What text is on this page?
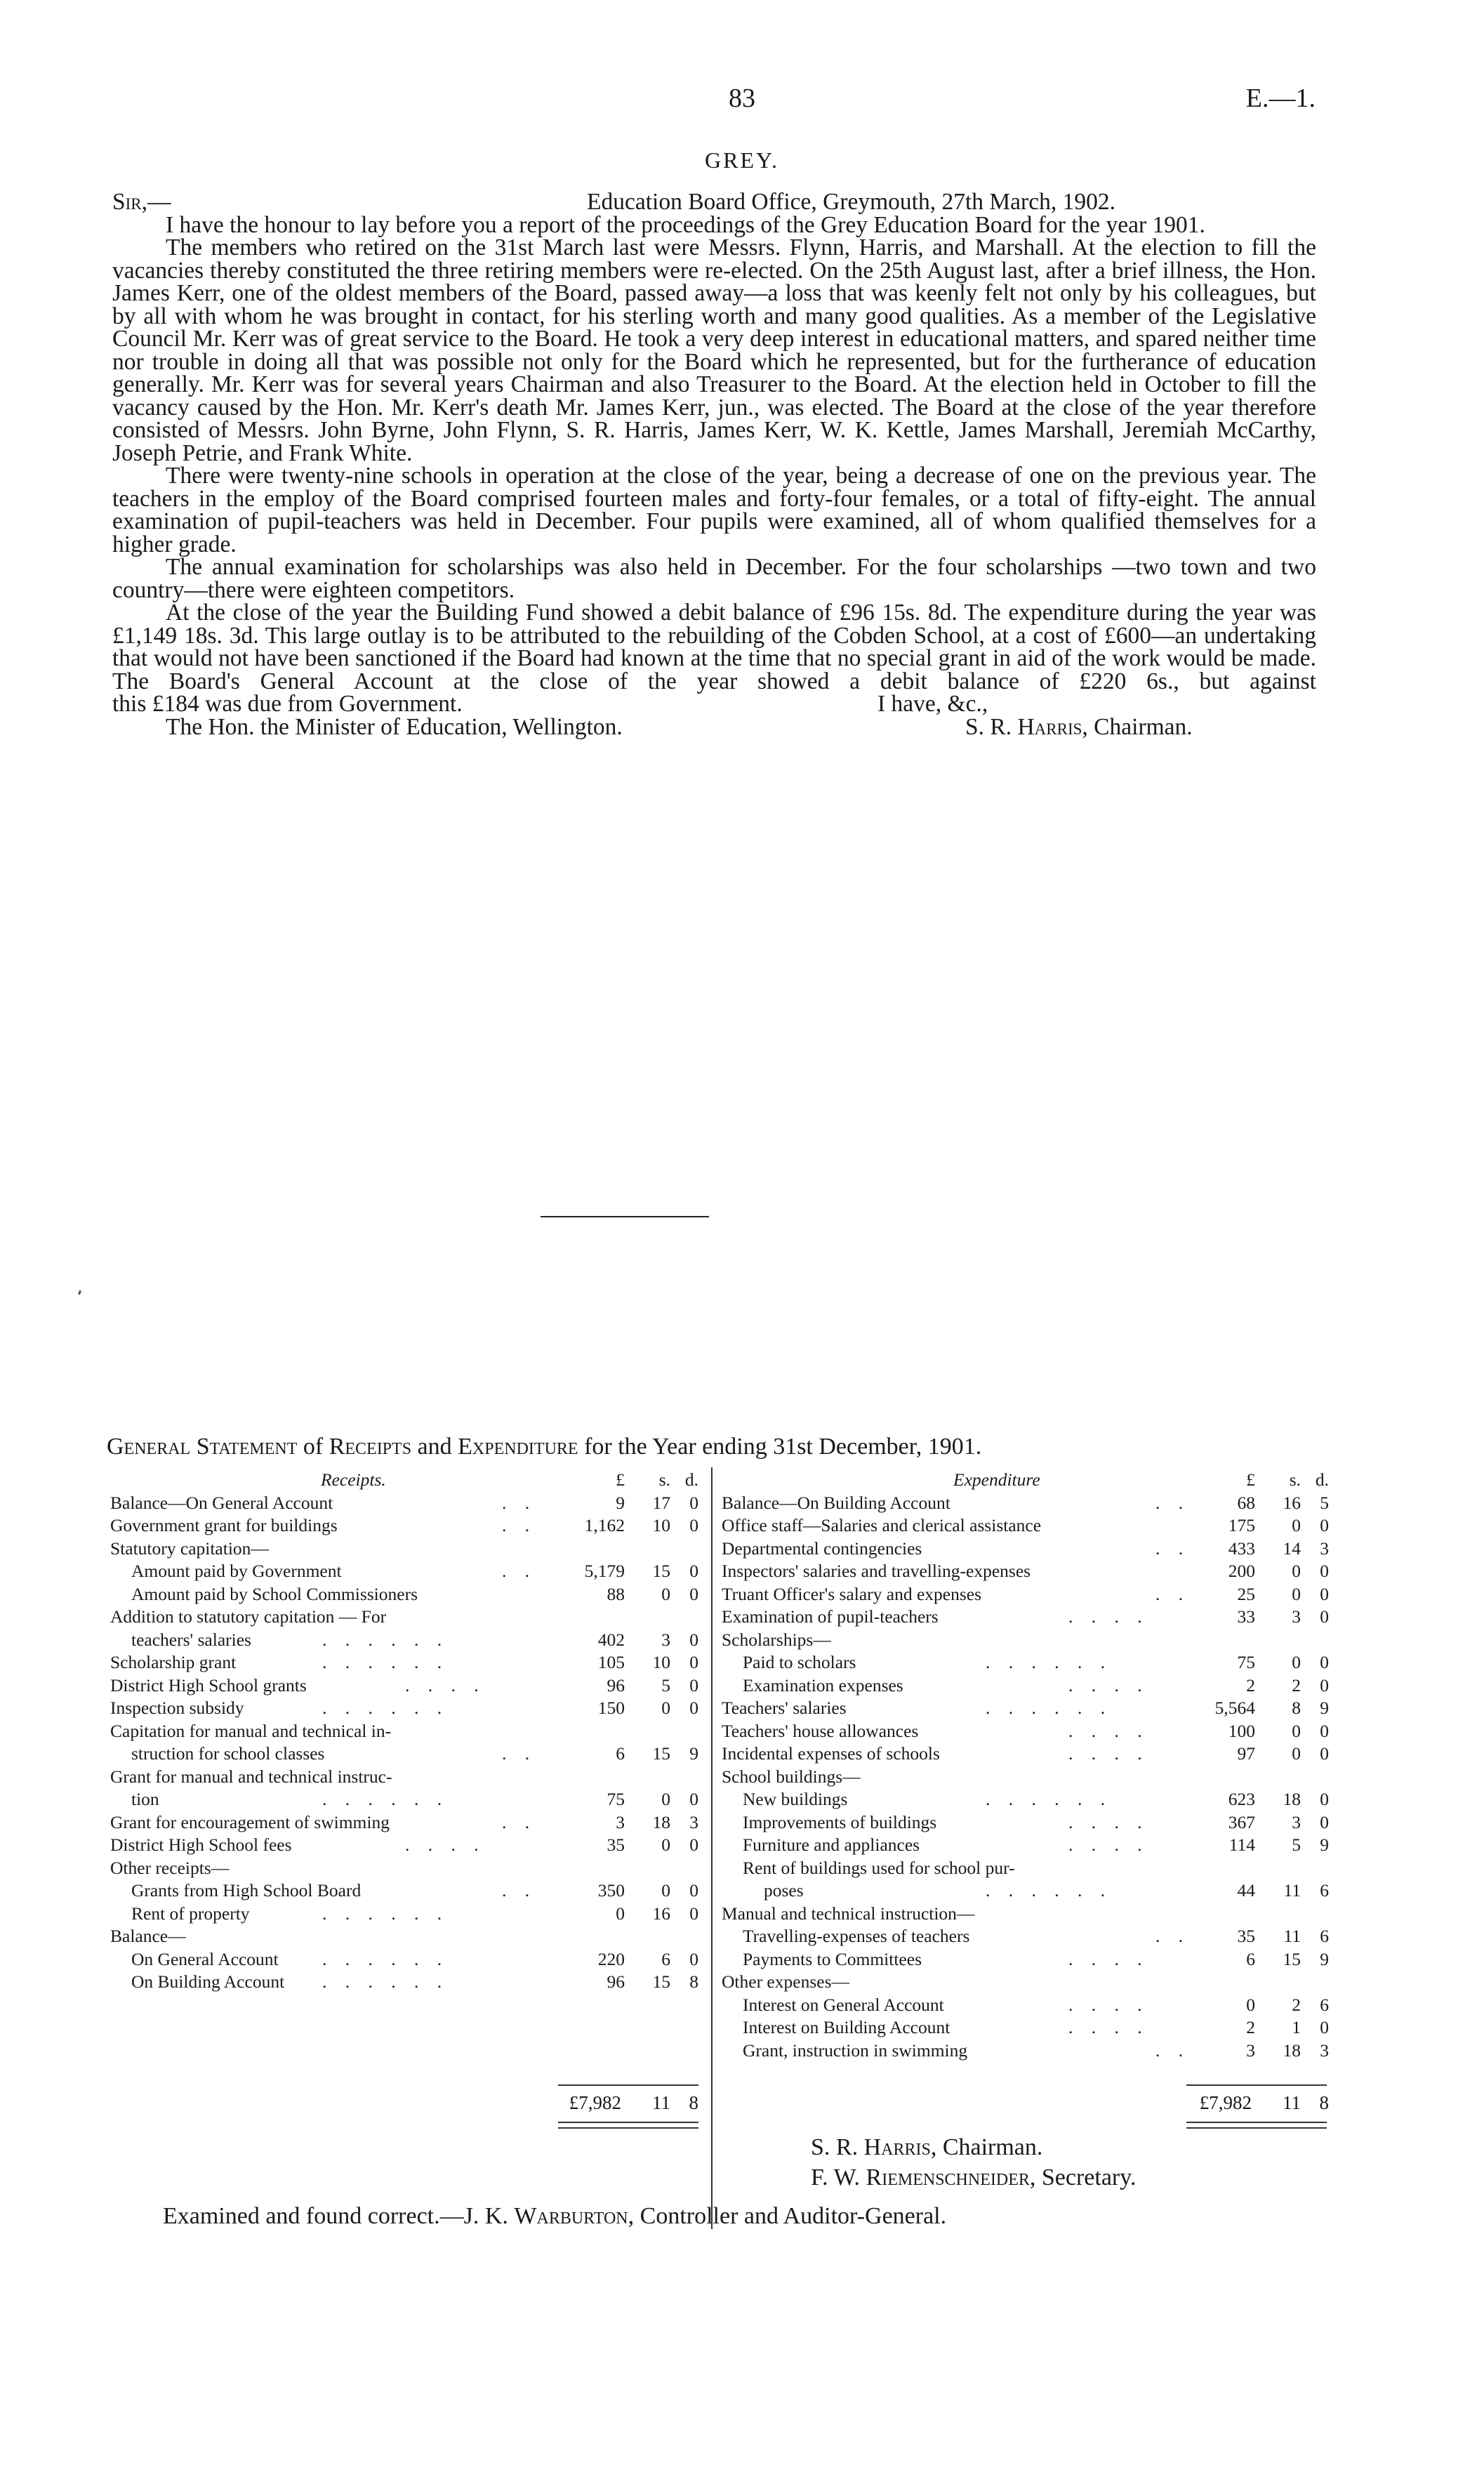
83	E.—1.
GREY.
Sir,—	Education Board Office, Greymouth, 27th March, 1902.

I have the honour to lay before you a report of the proceedings of the Grey Education Board for the year 1901.

The members who retired on the 31st March last were Messrs. Flynn, Harris, and Marshall. At the election to fill the vacancies thereby constituted the three retiring members were re-elected. On the 25th August last, after a brief illness, the Hon. James Kerr, one of the oldest members of the Board, passed away—a loss that was keenly felt not only by his colleagues, but by all with whom he was brought in contact, for his sterling worth and many good qualities. As a member of the Legislative Council Mr. Kerr was of great service to the Board. He took a very deep interest in educational matters, and spared neither time nor trouble in doing all that was possible not only for the Board which he represented, but for the furtherance of education generally. Mr. Kerr was for several years Chairman and also Treasurer to the Board. At the election held in October to fill the vacancy caused by the Hon. Mr. Kerr's death Mr. James Kerr, jun., was elected. The Board at the close of the year therefore consisted of Messrs. John Byrne, John Flynn, S. R. Harris, James Kerr, W. K. Kettle, James Marshall, Jeremiah McCarthy, Joseph Petrie, and Frank White.

There were twenty-nine schools in operation at the close of the year, being a decrease of one on the previous year. The teachers in the employ of the Board comprised fourteen males and forty-four females, or a total of fifty-eight. The annual examination of pupil-teachers was held in December. Four pupils were examined, all of whom qualified themselves for a higher grade.

The annual examination for scholarships was also held in December. For the four scholarships —two town and two country—there were eighteen competitors.

At the close of the year the Building Fund showed a debit balance of £96 15s. 8d. The expenditure during the year was £1,149 18s. 3d. This large outlay is to be attributed to the rebuilding of the Cobden School, at a cost of £600—an undertaking that would not have been sanctioned if the Board had known at the time that no special grant in aid of the work would be made. The Board's General Account at the close of the year showed a debit balance of £220 6s., but against

this £184 was due from Government.	I have, &c.,
The Hon. the Minister of Education, Wellington.	S. R. Harris, Chairman.
General Statement of Receipts and Expenditure for the Year ending 31st December, 1901.
Receipts.	£ s. d.
Balance—On General Account	. .	9 17 0
Government grant for buildings	. .	1,162 10 0
Statutory capitation—
Amount paid by Government	. .	5,179 15 0
Amount paid by School Commissioners	88 0 0
Addition to statutory capitation — For
teachers' salaries	. . . . . .	402 3 0
Scholarship grant	. . . . . .	105 10 0
District High School grants	. . . .	96 5 0
Inspection subsidy	. . . . . .	150 0 0
Capitation for manual and technical in-
struction for school classes	. .	6 15 9
Grant for manual and technical instruc-
tion	. . . . . .	75 0 0
Grant for encouragement of swimming	. .	3 18 3
District High School fees	. . . .	35 0 0
Other receipts—
Grants from High School Board	. .	350 0 0
Rent of property	. . . . . .	0 16 0
Balance—
On General Account . . . . . .	220 6 0
On Building Account . . . . . .	96 15 8
Expenditure	£ s. d.
Balance—On Building Account	. .	68 16 5
Office staff—Salaries and clerical assistance	175 0 0
Departmental contingencies	. . 433 14 3
Inspectors' salaries and travelling-expenses	200 0 0
Truant Officer's salary and expenses	. .	25 0 0
Examination of pupil-teachers	. . . .	33 3 0
Scholarships—
Paid to scholars	. . . . . .	75 0 0
Examination expenses	. . . .	2 2 0
Teachers' salaries	. . . . . .	5,564 8 9
Teachers' house allowances	. . . .	100 0 0
Incidental expenses of schools	. . . .	97 0 0
School buildings—
New buildings	. . . . . .	623 18 0
Improvements of buildings	. . . .	367 3 0
Furniture and appliances	. . . .	114 5 9
Rent of buildings used for school pur-
poses	. . . . . .	44 11 6
Manual and technical instruction—
Travelling-expenses of teachers	. .	35 11 6
Payments to Committees	. . . .	6 15 9
Other expenses—
Interest on General Account	. . . .	0 2 6
Interest on Building Account	. . . .	2 1 0
Grant, instruction in swimming	. .	3 18 3
£7,982 11 8	£7,982 11 8
S. R. Harris, Chairman.
F. W. Riemenschneider, Secretary.
Examined and found correct.—J. K. Warburton, Controller and Auditor-General.
